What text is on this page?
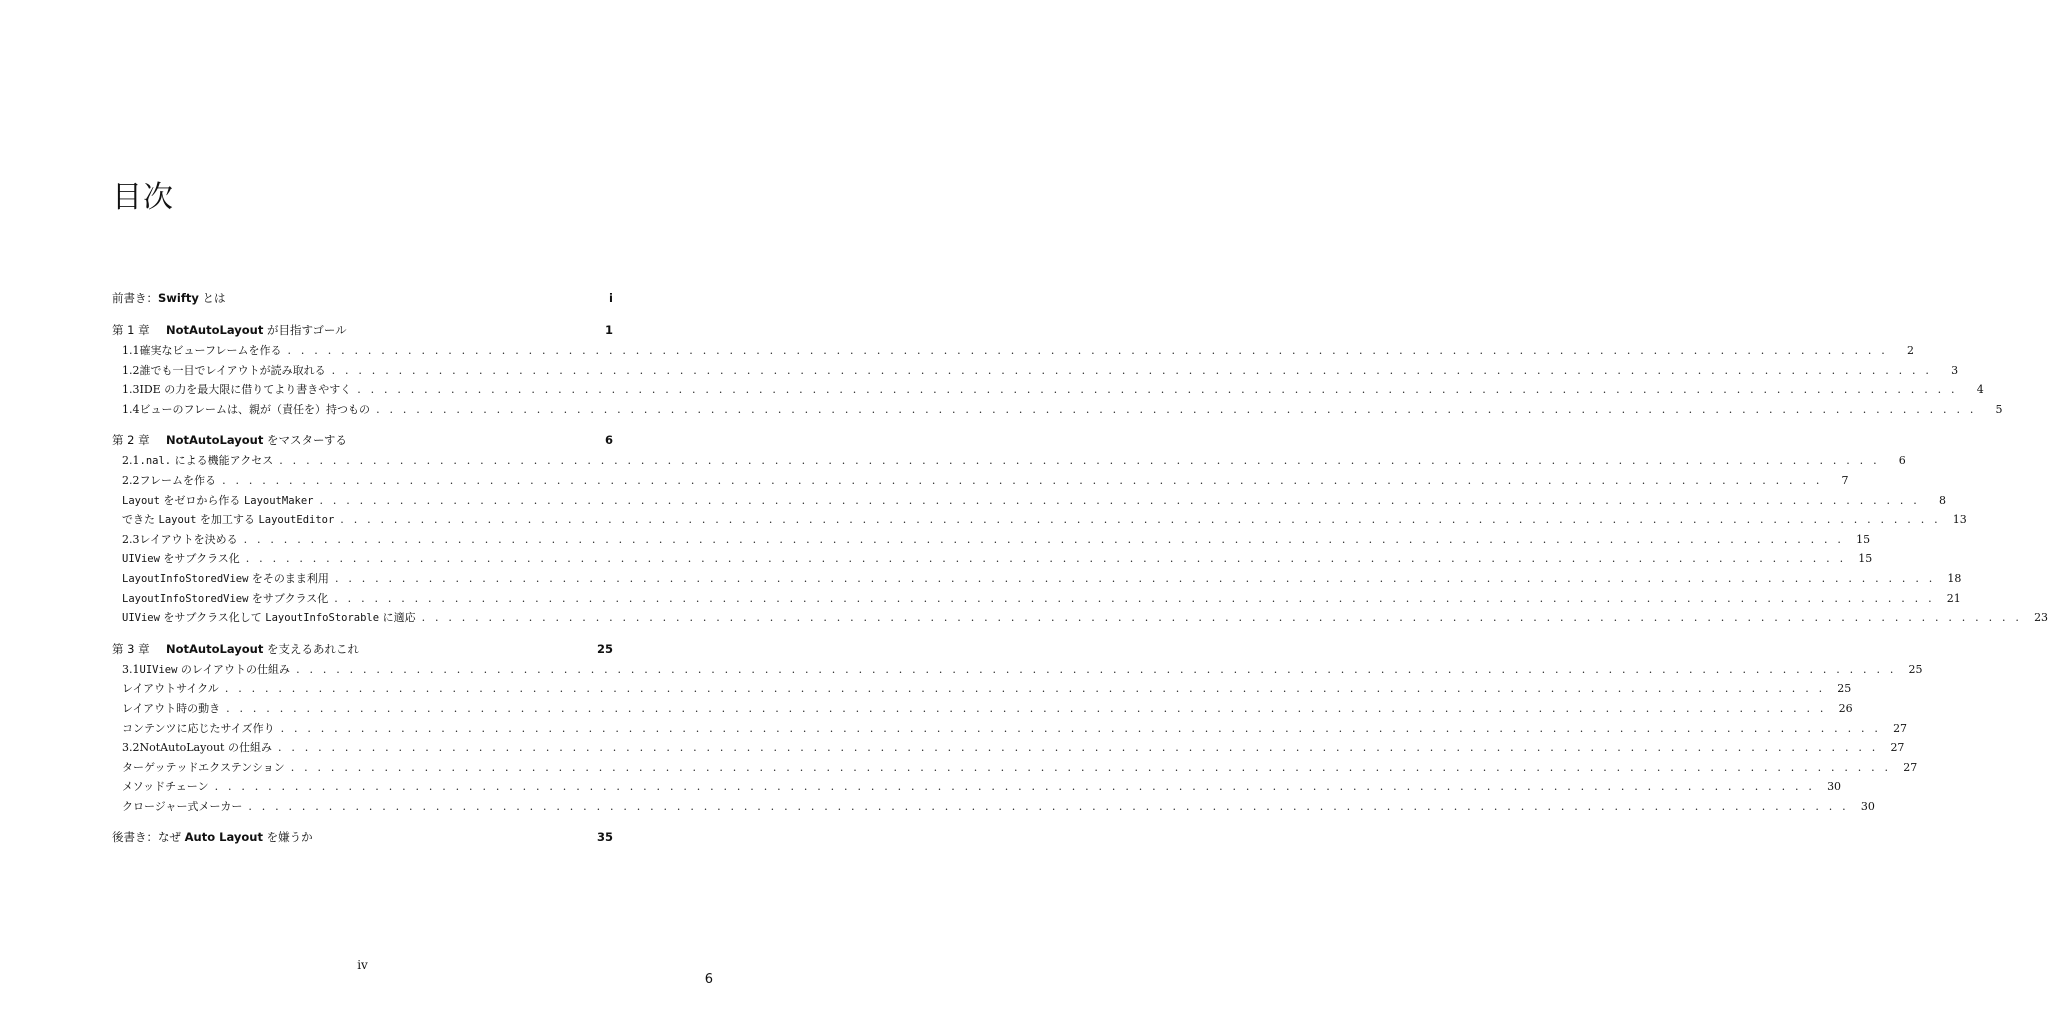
目次
前書き：Swifty とは	i
第 1 章	NotAutoLayout が目指すゴール	1
1.1 確実なビューフレームを作る . . . . . . . . . . . . . . . . . . . . . . . . . . . . . . . . . . . . . . . . . . . . . . . . . . . . . . . . . . . . . . . . . . . . . . . . . . . . . . . . . . . . . . . . . . . . . . . . . . . . . . . . . . . . . . . . . . . . . . . .	2
1.2 誰でも一目でレイアウトが読み取れる . . . . . . . . . . . . . . . . . . . . . . . . . . . . . . . . . . . . . . . . . . . . . . . . . . . . . . . . . . . . . . . . . . . . . . . . . . . . . . . . . . . . . . . . . . . . . . . . . . . . . . . . . . . . . . . . . . . . . . . .	3
1.3 IDE の力を最大限に借りてより書きやすく . . . . . . . . . . . . . . . . . . . . . . . . . . . . . . . . . . . . . . . . . . . . . . . . . . . . . . . . . . . . . . . . . . . . . . . . . . . . . . . . . . . . . . . . . . . . . . . . . . . . . . . . . . . . . . . . . . . . . . . .	4
1.4 ビューのフレームは、親が（責任を）持つもの . . . . . . . . . . . . . . . . . . . . . . . . . . . . . . . . . . . . . . . . . . . . . . . . . . . . . . . . . . . . . . . . . . . . . . . . . . . . . . . . . . . . . . . . . . . . . . . . . . . . . . . . . . . . . . . . . . . . . . . .	5
第 2 章	NotAutoLayout をマスターする	6
2.1 .nal. による機能アクセス . . . . . . . . . . . . . . . . . . . . . . . . . . . . . . . . . . . . . . . . . . . . . . . . . . . . . . . . . . . . . . . . . . . . . . . . . . . . . . . . . . . . . . . . . . . . . . . . . . . . . . . . . . . . . . . . . . . . . . . .	6
2.2 フレームを作る . . . . . . . . . . . . . . . . . . . . . . . . . . . . . . . . . . . . . . . . . . . . . . . . . . . . . . . . . . . . . . . . . . . . . . . . . . . . . . . . . . . . . . . . . . . . . . . . . . . . . . . . . . . . . . . . . . . . . . . .	7
Layout をゼロから作る LayoutMaker . . . . . . . . . . . . . . . . . . . . . . . . . . . . . . . . . . . . . . . . . . . . . . . . . . . . . . . . . . . . . . . . . . . . . . . . . . . . . . . . . . . . . . . . . . . . . . . . . . . . . . . . . . . . . . . . . . . . . . . .	8
できた Layout を加工する LayoutEditor . . . . . . . . . . . . . . . . . . . . . . . . . . . . . . . . . . . . . . . . . . . . . . . . . . . . . . . . . . . . . . . . . . . . . . . . . . . . . . . . . . . . . . . . . . . . . . . . . . . . . . . . . . . . . . . . . . . . . . . .	13
2.3 レイアウトを決める . . . . . . . . . . . . . . . . . . . . . . . . . . . . . . . . . . . . . . . . . . . . . . . . . . . . . . . . . . . . . . . . . . . . . . . . . . . . . . . . . . . . . . . . . . . . . . . . . . . . . . . . . . . . . . . . . . . . . . . .	15
UIView をサブクラス化 . . . . . . . . . . . . . . . . . . . . . . . . . . . . . . . . . . . . . . . . . . . . . . . . . . . . . . . . . . . . . . . . . . . . . . . . . . . . . . . . . . . . . . . . . . . . . . . . . . . . . . . . . . . . . . . . . . . . . . . .	15
LayoutInfoStoredView をそのまま利用 . . . . . . . . . . . . . . . . . . . . . . . . . . . . . . . . . . . . . . . . . . . . . . . . . . . . . . . . . . . . . . . . . . . . . . . . . . . . . . . . . . . . . . . . . . . . . . . . . . . . . . . . . . . . . . . . . . . . . . . .	18
LayoutInfoStoredView をサブクラス化 . . . . . . . . . . . . . . . . . . . . . . . . . . . . . . . . . . . . . . . . . . . . . . . . . . . . . . . . . . . . . . . . . . . . . . . . . . . . . . . . . . . . . . . . . . . . . . . . . . . . . . . . . . . . . . . . . . . . . . . .	21
UIView をサブクラス化して LayoutInfoStorable に適応 . . . . . . . . . . . . . . . . . . . . . . . . . . . . . . . . . . . . . . . . . . . . . . . . . . . . . . . . . . . . . . . . . . . . . . . . . . . . . . . . . . . . . . . . . . . . . . . . . . . . . . . . . . . . . . . . . . . . . . . .	23
第 3 章	NotAutoLayout を支えるあれこれ	25
3.1 UIView のレイアウトの仕組み . . . . . . . . . . . . . . . . . . . . . . . . . . . . . . . . . . . . . . . . . . . . . . . . . . . . . . . . . . . . . . . . . . . . . . . . . . . . . . . . . . . . . . . . . . . . . . . . . . . . . . . . . . . . . . . . . . . . . . . .	25
レイアウトサイクル . . . . . . . . . . . . . . . . . . . . . . . . . . . . . . . . . . . . . . . . . . . . . . . . . . . . . . . . . . . . . . . . . . . . . . . . . . . . . . . . . . . . . . . . . . . . . . . . . . . . . . . . . . . . . . . . . . . . . . . .	25
レイアウト時の動き . . . . . . . . . . . . . . . . . . . . . . . . . . . . . . . . . . . . . . . . . . . . . . . . . . . . . . . . . . . . . . . . . . . . . . . . . . . . . . . . . . . . . . . . . . . . . . . . . . . . . . . . . . . . . . . . . . . . . . . .	26
コンテンツに応じたサイズ作り . . . . . . . . . . . . . . . . . . . . . . . . . . . . . . . . . . . . . . . . . . . . . . . . . . . . . . . . . . . . . . . . . . . . . . . . . . . . . . . . . . . . . . . . . . . . . . . . . . . . . . . . . . . . . . . . . . . . . . . .	27
3.2 NotAutoLayout の仕組み . . . . . . . . . . . . . . . . . . . . . . . . . . . . . . . . . . . . . . . . . . . . . . . . . . . . . . . . . . . . . . . . . . . . . . . . . . . . . . . . . . . . . . . . . . . . . . . . . . . . . . . . . . . . . . . . . . . . . . . .	27
ターゲッテッドエクステンション . . . . . . . . . . . . . . . . . . . . . . . . . . . . . . . . . . . . . . . . . . . . . . . . . . . . . . . . . . . . . . . . . . . . . . . . . . . . . . . . . . . . . . . . . . . . . . . . . . . . . . . . . . . . . . . . . . . . . . . .	27
メソッドチェーン . . . . . . . . . . . . . . . . . . . . . . . . . . . . . . . . . . . . . . . . . . . . . . . . . . . . . . . . . . . . . . . . . . . . . . . . . . . . . . . . . . . . . . . . . . . . . . . . . . . . . . . . . . . . . . . . . . . . . . . .	30
クロージャー式メーカー . . . . . . . . . . . . . . . . . . . . . . . . . . . . . . . . . . . . . . . . . . . . . . . . . . . . . . . . . . . . . . . . . . . . . . . . . . . . . . . . . . . . . . . . . . . . . . . . . . . . . . . . . . . . . . . . . . . . . . . .	30
後書き：なぜ Auto Layout を嫌うか	35
iv
6
